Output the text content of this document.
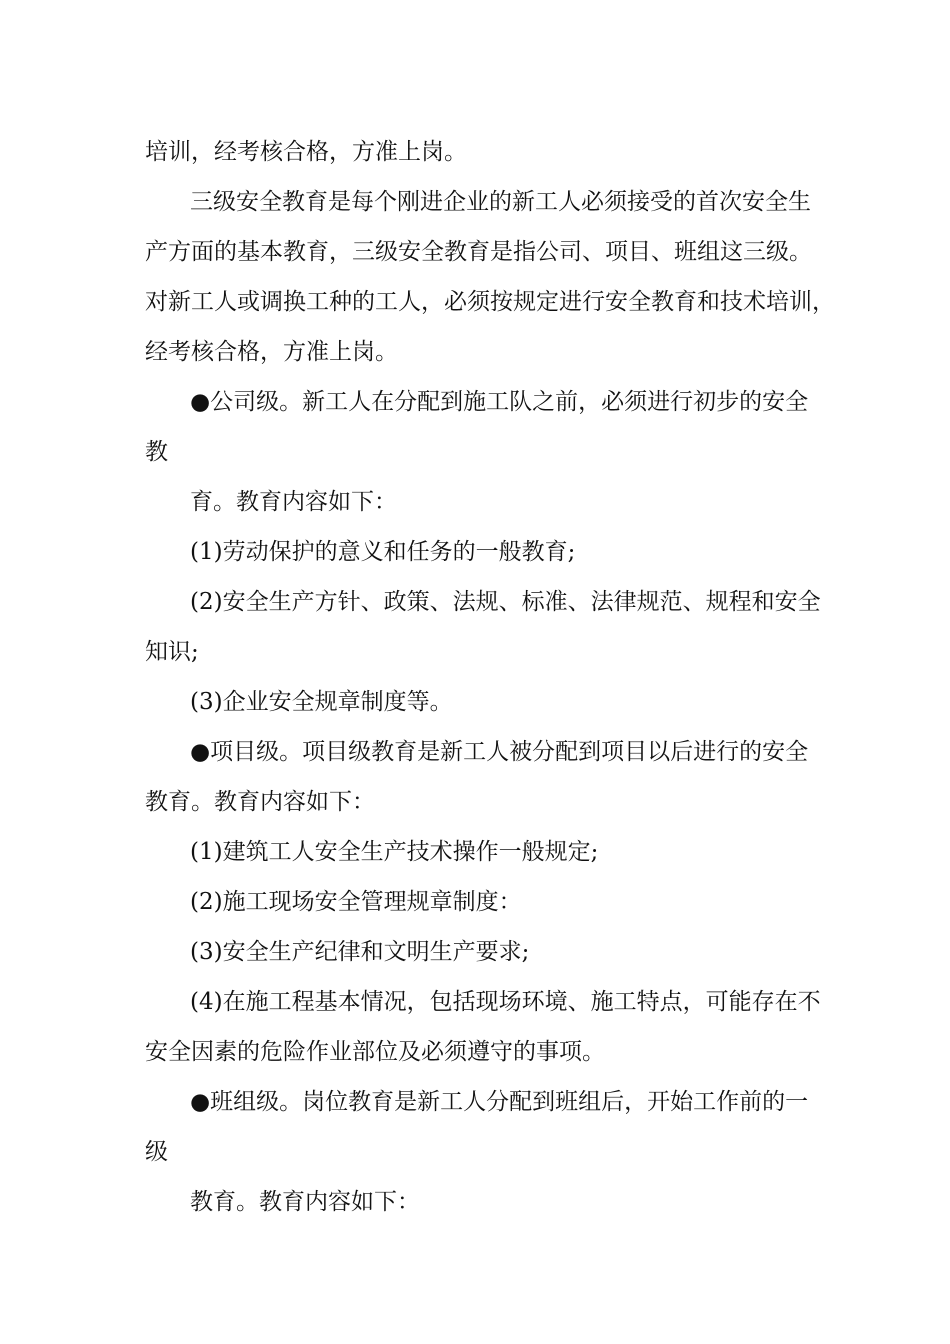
培训，经考核合格，方准上岗。
三级安全教育是每个刚进企业的新工人必须接受的首次安全生
产方面的基本教育，三级安全教育是指公司、项目、班组这三级。
对新工人或调换工种的工人，必须按规定进行安全教育和技术培训，
经考核合格，方准上岗。
●公司级。新工人在分配到施工队之前，必须进行初步的安全
教
育。教育内容如下：
(1)劳动保护的意义和任务的一般教育;
(2)安全生产方针、政策、法规、标准、法律规范、规程和安全
知识;
(3)企业安全规章制度等。
●项目级。项目级教育是新工人被分配到项目以后进行的安全
教育。教育内容如下：
(1)建筑工人安全生产技术操作一般规定;
(2)施工现场安全管理规章制度：
(3)安全生产纪律和文明生产要求;
(4)在施工程基本情况，包括现场环境、施工特点，可能存在不
安全因素的危险作业部位及必须遵守的事项。
●班组级。岗位教育是新工人分配到班组后，开始工作前的一
级
教育。教育内容如下：
